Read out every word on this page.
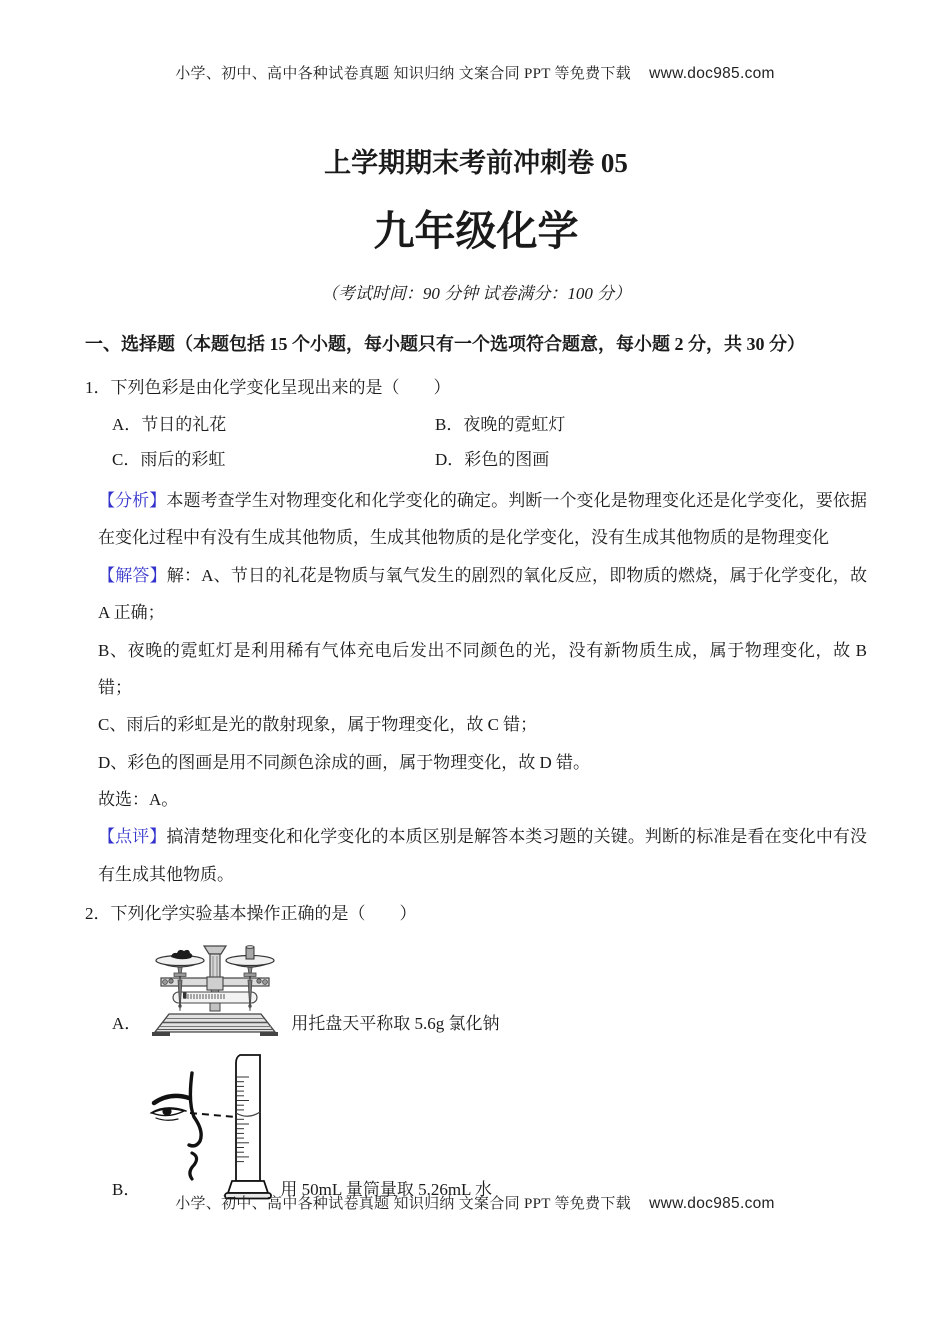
小学、初中、高中各种试卷真题 知识归纳 文案合同 PPT 等免费下载 www.doc985.com
上学期期末考前冲刺卷 05
九年级化学
（考试时间：90 分钟 试卷满分：100 分）
一、选择题（本题包括 15 个小题，每小题只有一个选项符合题意，每小题 2 分，共 30 分）

1．下列色彩是由化学变化呈现出来的是（　　）

A．节日的礼花	B．夜晚的霓虹灯
C．雨后的彩虹	D．彩色的图画

【分析】本题考查学生对物理变化和化学变化的确定。判断一个变化是物理变化还是化学变化，要依据在变化过程中有没有生成其他物质，生成其他物质的是化学变化，没有生成其他物质的是物理变化

【解答】解：A、节日的礼花是物质与氧气发生的剧烈的氧化反应，即物质的燃烧，属于化学变化，故 A 正确；

B、夜晚的霓虹灯是利用稀有气体充电后发出不同颜色的光，没有新物质生成，属于物理变化，故 B 错；

C、雨后的彩虹是光的散射现象，属于物理变化，故 C 错；

D、彩色的图画是用不同颜色涂成的画，属于物理变化，故 D 错。

故选：A。

【点评】搞清楚物理变化和化学变化的本质区别是解答本类习题的关键。判断的标准是看在变化中有没有生成其他物质。

2．下列化学实验基本操作正确的是（　　）

A．	用托盘天平称取 5.6g 氯化钠
B．	用 50mL 量筒量取 5.26mL 水
小学、初中、高中各种试卷真题 知识归纳 文案合同 PPT 等免费下载 www.doc985.com
